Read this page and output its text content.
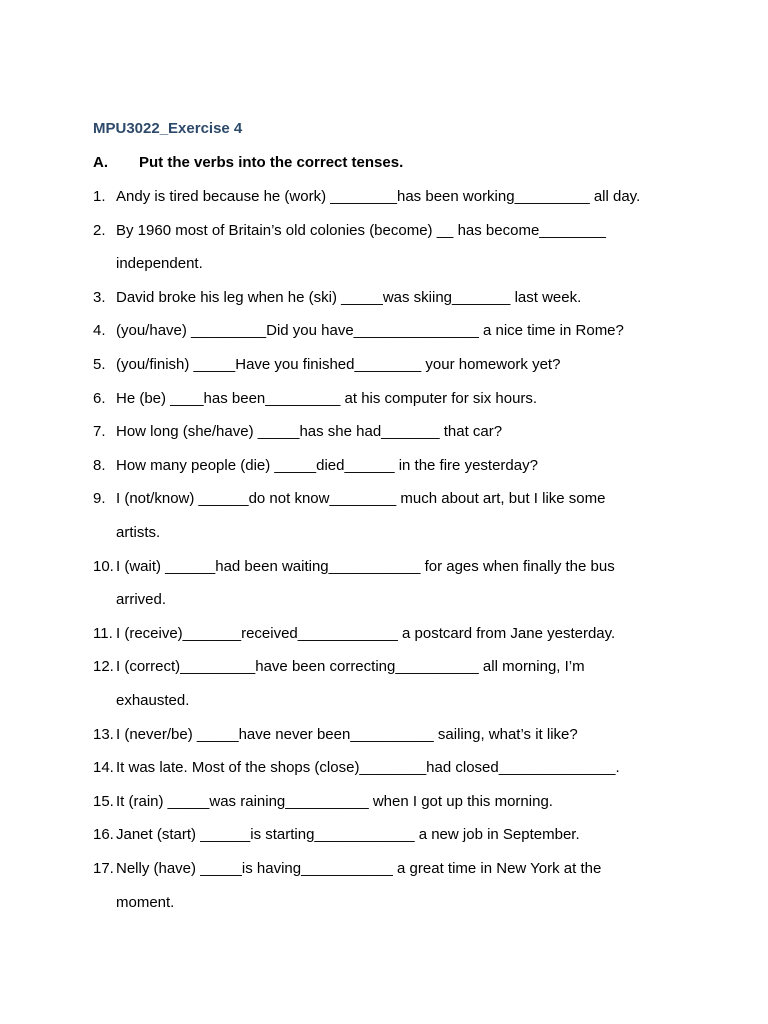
MPU3022_Exercise 4
A. Put the verbs into the correct tenses.
1. Andy is tired because he (work) ________has been working_________ all day.
2. By 1960 most of Britain’s old colonies (become) __ has become________
independent.
3. David broke his leg when he (ski) _____was skiing_______ last week.
4. (you/have) _________Did you have_______________ a nice time in Rome?
5. (you/finish) _____Have you finished________ your homework yet?
6. He (be) ____has been_________ at his computer for six hours.
7. How long (she/have) _____has she had_______ that car?
8. How many people (die) _____died______ in the fire yesterday?
9. I (not/know) ______do not know________ much about art, but I like some
artists.
10. I (wait) ______had been waiting___________ for ages when finally the bus
arrived.
11. I (receive)_______received____________ a postcard from Jane yesterday.
12. I (correct)_________have been correcting__________ all morning, I’m
exhausted.
13. I (never/be) _____have never been__________ sailing, what’s it like?
14. It was late. Most of the shops (close)________had closed______________.
15. It (rain) _____was raining__________ when I got up this morning.
16. Janet (start) ______is starting____________ a new job in September.
17. Nelly (have) _____is having___________ a great time in New York at the
moment.
